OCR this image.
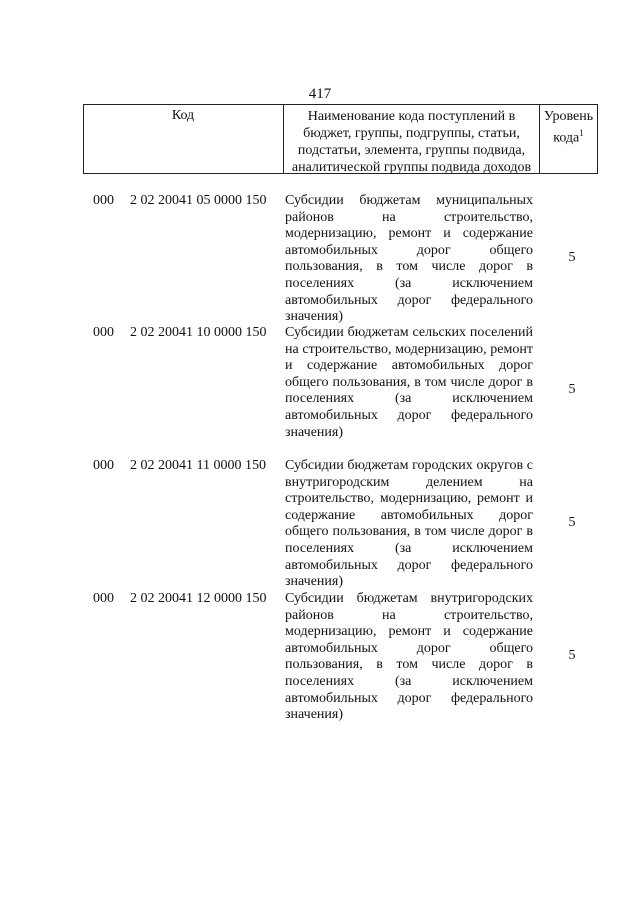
417
Код	Наименование кода поступлений в бюджет, группы, подгруппы, статьи, подстатьи, элемента, группы подвида, аналитической группы подвида доходов
Уровень кода$^1$
000 2 02 20041 05 0000 150 Субсидии бюджетам муниципальных районов на строительство, модернизацию, ремонт и содержание автомобильных дорог общего пользования, в том числе дорог в поселениях (за исключением автомобильных дорог федерального значения)
5
000 2 02 20041 10 0000 150 Субсидии бюджетам сельских поселений на строительство, модернизацию, ремонт и содержание автомобильных дорог общего пользования, в том числе дорог в поселениях (за исключением автомобильных дорог федерального значения)
5
000 2 02 20041 11 0000 150 Субсидии бюджетам городских округов с внутригородским делением на строительство, модернизацию, ремонт и содержание автомобильных дорог общего пользования, в том числе дорог в поселениях (за исключением автомобильных дорог федерального значения)
5
000 2 02 20041 12 0000 150 Субсидии бюджетам внутригородских районов на строительство, модернизацию, ремонт и содержание автомобильных дорог общего пользования, в том числе дорог в поселениях (за исключением автомобильных дорог федерального значения)
5
